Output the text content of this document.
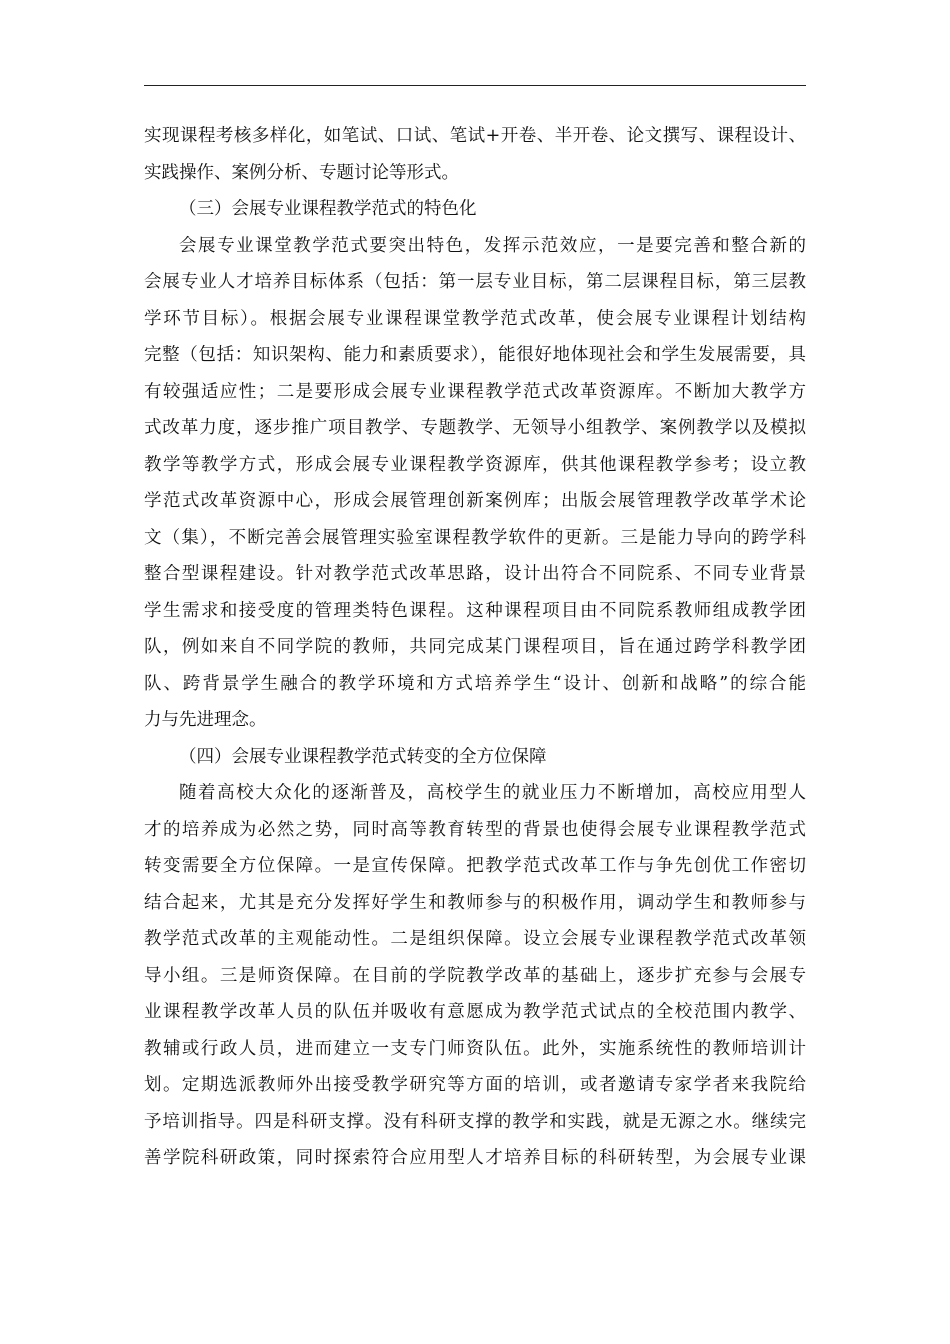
实现课程考核多样化，如笔试、口试、笔试+开卷、半开卷、论文撰写、课程设计、
实践操作、案例分析、专题讨论等形式。
（三）会展专业课程教学范式的特色化
会展专业课堂教学范式要突出特色，发挥示范效应，一是要完善和整合新的
会展专业人才培养目标体系（包括：第一层专业目标，第二层课程目标，第三层教
学环节目标）。根据会展专业课程课堂教学范式改革，使会展专业课程计划结构
完整（包括：知识架构、能力和素质要求），能很好地体现社会和学生发展需要，具
有较强适应性；二是要形成会展专业课程教学范式改革资源库。不断加大教学方
式改革力度，逐步推广项目教学、专题教学、无领导小组教学、案例教学以及模拟
教学等教学方式，形成会展专业课程教学资源库，供其他课程教学参考；设立教
学范式改革资源中心，形成会展管理创新案例库；出版会展管理教学改革学术论
文（集），不断完善会展管理实验室课程教学软件的更新。三是能力导向的跨学科
整合型课程建设。针对教学范式改革思路，设计出符合不同院系、不同专业背景
学生需求和接受度的管理类特色课程。这种课程项目由不同院系教师组成教学团
队，例如来自不同学院的教师，共同完成某门课程项目，旨在通过跨学科教学团
队、跨背景学生融合的教学环境和方式培养学生“设计、创新和战略”的综合能
力与先进理念。
（四）会展专业课程教学范式转变的全方位保障
随着高校大众化的逐渐普及，高校学生的就业压力不断增加，高校应用型人
才的培养成为必然之势，同时高等教育转型的背景也使得会展专业课程教学范式
转变需要全方位保障。一是宣传保障。把教学范式改革工作与争先创优工作密切
结合起来，尤其是充分发挥好学生和教师参与的积极作用，调动学生和教师参与
教学范式改革的主观能动性。二是组织保障。设立会展专业课程教学范式改革领
导小组。三是师资保障。在目前的学院教学改革的基础上，逐步扩充参与会展专
业课程教学改革人员的队伍并吸收有意愿成为教学范式试点的全校范围内教学、
教辅或行政人员，进而建立一支专门师资队伍。此外，实施系统性的教师培训计
划。定期选派教师外出接受教学研究等方面的培训，或者邀请专家学者来我院给
予培训指导。四是科研支撑。没有科研支撑的教学和实践，就是无源之水。继续完
善学院科研政策，同时探索符合应用型人才培养目标的科研转型，为会展专业课
